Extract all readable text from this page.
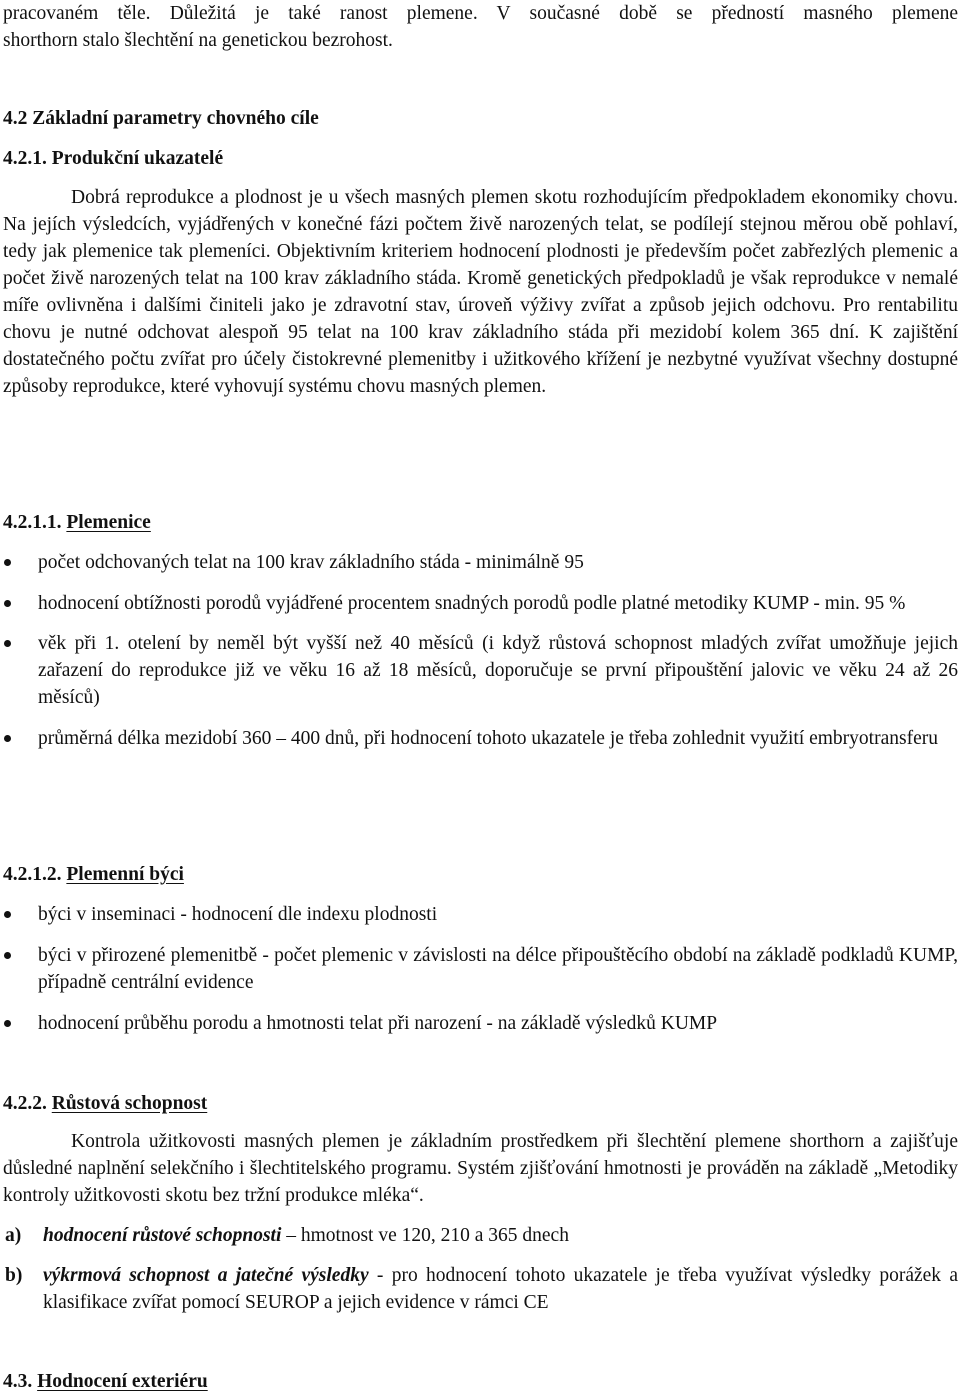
pracovaném těle. Důležitá je také ranost plemene. V současné době se předností masného plemene

shorthorn stalo šlechtění na genetickou bezrohost.

4.2 Základní parametry chovného cíle
4.2.1. Produkční ukazatelé

Dobrá reprodukce a plodnost je u všech masných plemen skotu rozhodujícím předpokladem ekonomiky chovu. Na jejích výsledcích, vyjádřených v konečné fázi počtem živě narozených telat, se podílejí stejnou měrou obě pohlaví, tedy jak plemenice tak plemeníci. Objektivním kriteriem hodnocení plodnosti je především počet zabřezlých plemenic a počet živě narozených telat na 100 krav základního stáda. Kromě genetických předpokladů je však reprodukce v nemalé míře ovlivněna i dalšími činiteli jako je zdravotní stav, úroveň výživy zvířat a způsob jejich odchovu. Pro rentabilitu chovu je nutné odchovat alespoň 95 telat na 100 krav základního stáda při mezidobí kolem 365 dní. K zajištění dostatečného počtu zvířat pro účely čistokrevné plemenitby i užitkového křížení je nezbytné využívat všechny dostupné způsoby reprodukce, které vyhovují systému chovu masných plemen.

4.2.1.1. Plemenice
počet odchovaných telat na 100 krav základního stáda - minimálně 95
hodnocení obtížnosti porodů vyjádřené procentem snadných porodů podle platné metodiky KUMP - min. 95 %
věk při 1. otelení by neměl být vyšší než 40 měsíců (i když růstová schopnost mladých zvířat umožňuje jejich zařazení do reprodukce již ve věku 16 až 18 měsíců, doporučuje se první připouštění jalovic ve věku 24 až 26 měsíců)
průměrná délka mezidobí 360 – 400 dnů, při hodnocení tohoto ukazatele je třeba zohlednit využití embryotransferu
4.2.1.2. Plemenní býci
býci v inseminaci - hodnocení dle indexu plodnosti
býci v přirozené plemenitbě - počet plemenic v závislosti na délce připouštěcího období na základě podkladů KUMP, případně centrální evidence
hodnocení průběhu porodu a hmotnosti telat při narození - na základě výsledků KUMP
4.2.2. Růstová schopnost

Kontrola užitkovosti masných plemen je základním prostředkem při šlechtění plemene shorthorn a zajišťuje důsledné naplnění selekčního i šlechtitelského programu. Systém zjišťování hmotnosti je prováděn na základě „Metodiky kontroly užitkovosti skotu bez tržní produkce mléka“.

a) hodnocení růstové schopnosti – hmotnost ve 120, 210 a 365 dnech
b) výkrmová schopnost a jatečné výsledky - pro hodnocení tohoto ukazatele je třeba využívat výsledky porážek a klasifikace zvířat pomocí SEUROP a jejich evidence v rámci CE
4.3. Hodnocení exteriéru
